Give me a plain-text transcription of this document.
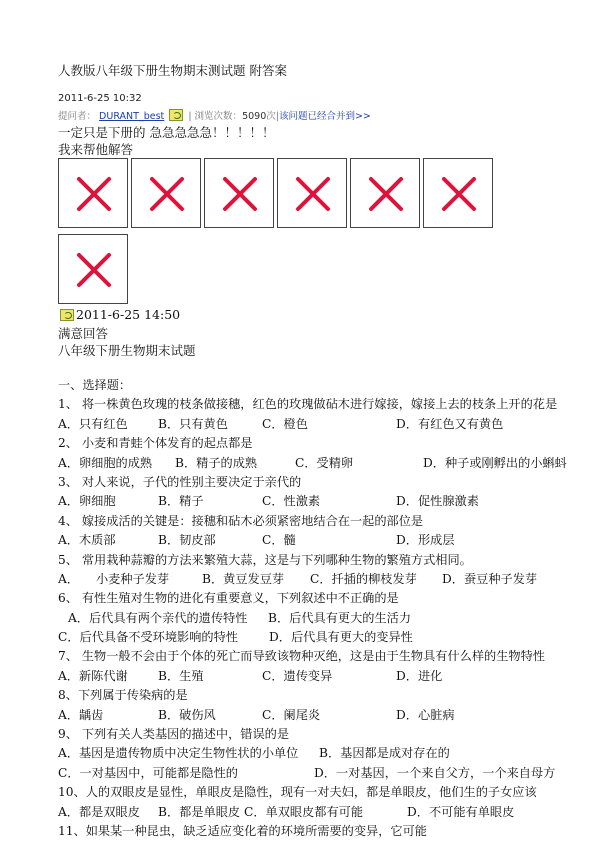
人教版八年级下册生物期末测试题 附答案
2011-6-25 10:32
提问者： DURANT_best	| 浏览次数：5090次|该问题已经合并到>>
一定只是下册的 急急急急急！！！！！
我来帮他解答
2011-6-25 14:50
满意回答
八年级下册生物期末试题
一、选择题：
1、 将一株黄色玫瑰的枝条做接穗，红色的玫瑰做砧木进行嫁接，嫁接上去的枝条上开的花是
A．只有红色 B．只有黄色	C．橙色	D．有红色又有黄色
2、 小麦和青蛙个体发育的起点都是
A．卵细胞的成熟 B．精子的成熟	C．受精卵	D．种子或刚孵出的小蝌蚪
3、 对人来说，子代的性别主要决定于亲代的
A．卵细胞	B．精子	C．性激素	D．促性腺激素
4、 嫁接成活的关键是：接穗和砧木必须紧密地结合在一起的部位是
A．木质部	B．韧皮部	C．髓	D．形成层
5、 常用栽种蒜瓣的方法来繁殖大蒜，这是与下列哪种生物的繁殖方式相同。
A． 小麦种子发芽	B．黄豆发豆芽 C．扦插的柳枝发芽 D．蚕豆种子发芽
6、 有性生殖对生物的进化有重要意义，下列叙述中不正确的是
A．后代具有两个亲代的遗传特性 B．后代具有更大的生活力
C．后代具备不受环境影响的特性	D．后代具有更大的变异性
7、 生物一般不会由于个体的死亡而导致该物种灭绝，这是由于生物具有什么样的生物特性
A．新陈代谢 B．生殖	C．遗传变异	D．进化
8、下列属于传染病的是
A．龋齿	B．破伤风	C．阑尾炎	D．心脏病
9、 下列有关人类基因的描述中，错误的是
A．基因是遗传物质中决定生物性状的小单位 B．基因都是成对存在的
C．一对基因中，可能都是隐性的	D．一对基因，一个来自父方，一个来自母方
10、人的双眼皮是显性，单眼皮是隐性，现有一对夫妇，都是单眼皮，他们生的子女应该
A．都是双眼皮 B．都是单眼皮 C．单双眼皮都有可能	D．不可能有单眼皮
11、如果某一种昆虫，缺乏适应变化着的环境所需要的变异，它可能
